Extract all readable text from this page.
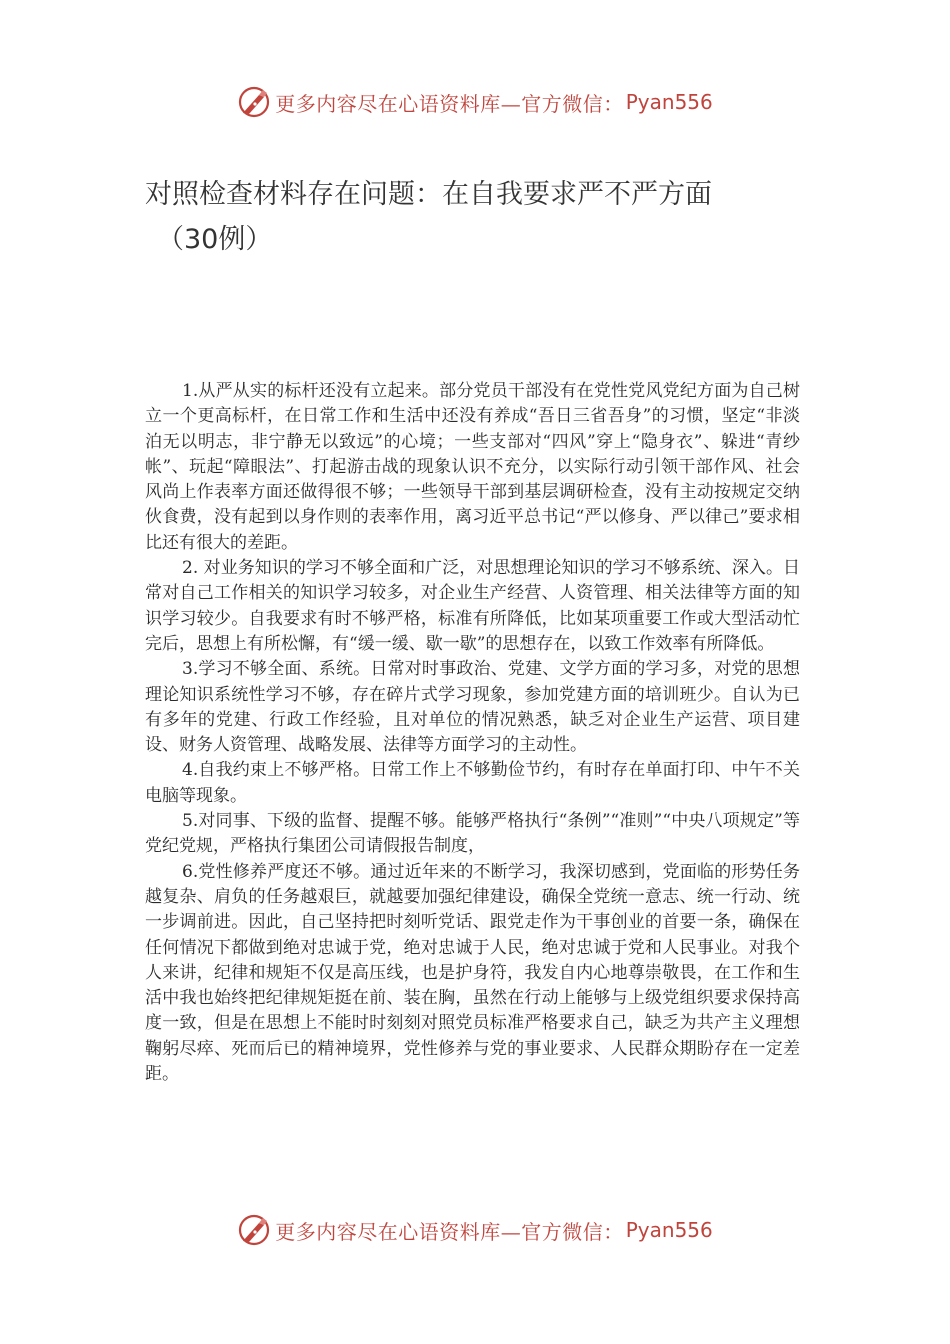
更多内容尽在心语资料库—官方微信： Pyan556
对照检查材料存在问题：在自我要求严不严方面
（30例）

1.从严从实的标杆还没有立起来。部分党员干部没有在党性党风党纪方面为自己树立一个更高标杆，在日常工作和生活中还没有养成“吾日三省吾身”的习惯，坚定“非淡泊无以明志，非宁静无以致远”的心境；一些支部对“四风”穿上“隐身衣”、躲进“青纱帐”、玩起“障眼法”、打起游击战的现象认识不充分，以实际行动引领干部作风、社会风尚上作表率方面还做得很不够；一些领导干部到基层调研检查，没有主动按规定交纳伙食费，没有起到以身作则的表率作用，离习近平总书记“严以修身、严以律己”要求相比还有很大的差距。

2. 对业务知识的学习不够全面和广泛，对思想理论知识的学习不够系统、深入。日常对自己工作相关的知识学习较多，对企业生产经营、人资管理、相关法律等方面的知识学习较少。自我要求有时不够严格，标准有所降低，比如某项重要工作或大型活动忙完后，思想上有所松懈，有“缓一缓、歇一歇”的思想存在，以致工作效率有所降低。

3.学习不够全面、系统。日常对时事政治、党建、文学方面的学习多，对党的思想理论知识系统性学习不够，存在碎片式学习现象，参加党建方面的培训班少。自认为已有多年的党建、行政工作经验，且对单位的情况熟悉，缺乏对企业生产运营、项目建设、财务人资管理、战略发展、法律等方面学习的主动性。

4.自我约束上不够严格。日常工作上不够勤俭节约，有时存在单面打印、中午不关电脑等现象。

5.对同事、下级的监督、提醒不够。能够严格执行“条例”“准则”“中央八项规定”等党纪党规，严格执行集团公司请假报告制度，

6.党性修养严度还不够。通过近年来的不断学习，我深切感到，党面临的形势任务越复杂、肩负的任务越艰巨，就越要加强纪律建设，确保全党统一意志、统一行动、统一步调前进。因此，自己坚持把时刻听党话、跟党走作为干事创业的首要一条，确保在任何情况下都做到绝对忠诚于党，绝对忠诚于人民，绝对忠诚于党和人民事业。对我个人来讲，纪律和规矩不仅是高压线，也是护身符，我发自内心地尊崇敬畏，在工作和生活中我也始终把纪律规矩挺在前、装在胸，虽然在行动上能够与上级党组织要求保持高度一致，但是在思想上不能时时刻刻对照党员标准严格要求自己，缺乏为共产主义理想鞠躬尽瘁、死而后已的精神境界，党性修养与党的事业要求、人民群众期盼存在一定差距。

更多内容尽在心语资料库—官方微信： Pyan556
